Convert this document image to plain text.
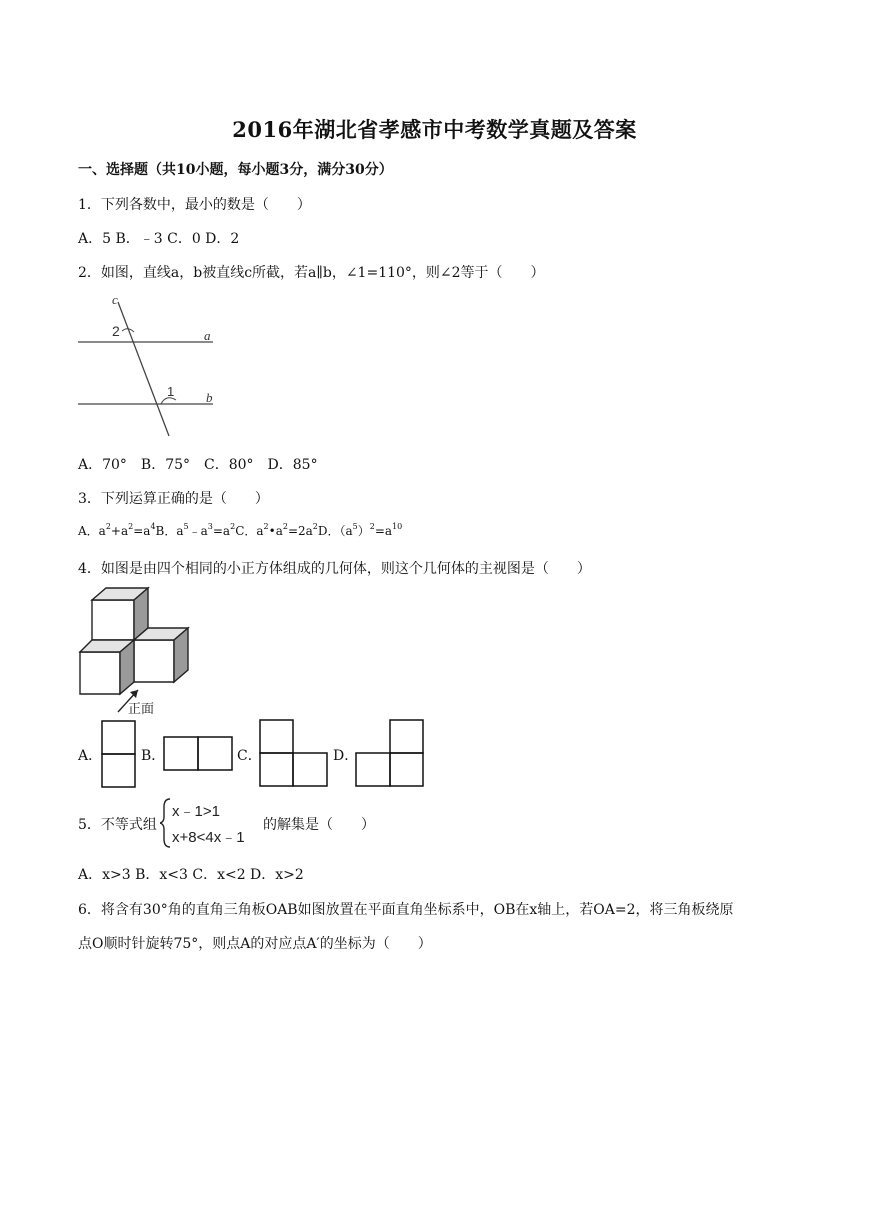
2016年湖北省孝感市中考数学真题及答案
一、选择题（共10小题，每小题3分，满分30分）
1．下列各数中，最小的数是（　　）
A．5 B．﹣3 C．0 D．2
2．如图，直线a，b被直线c所截，若a∥b，∠1=110°，则∠2等于（　　）
c
2	a
1 b
A．70°　B．75°　C．80°　D．85°
3．下列运算正确的是（　　）
A．$a^2+a^2=a^4B$．$a^5﹣a^3=a^2C$．$a^2•a^2=2a^2D$．$(a^5)^2=a^{10}$
4．如图是由四个相同的小正方体组成的几何体，则这个几何体的主视图是（　　）
正面
A．	B．	C．	D．
5．不等式组
x﹣1>1
x+8<4x﹣1
的解集是（　　）
A．x>3 B．x<3 C．x<2 D．x>2
6．将含有30°角的直角三角板OAB如图放置在平面直角坐标系中，OB在x轴上，若OA=2，将三角板绕原
点O顺时针旋转75°，则点A的对应点A′的坐标为（　　）
